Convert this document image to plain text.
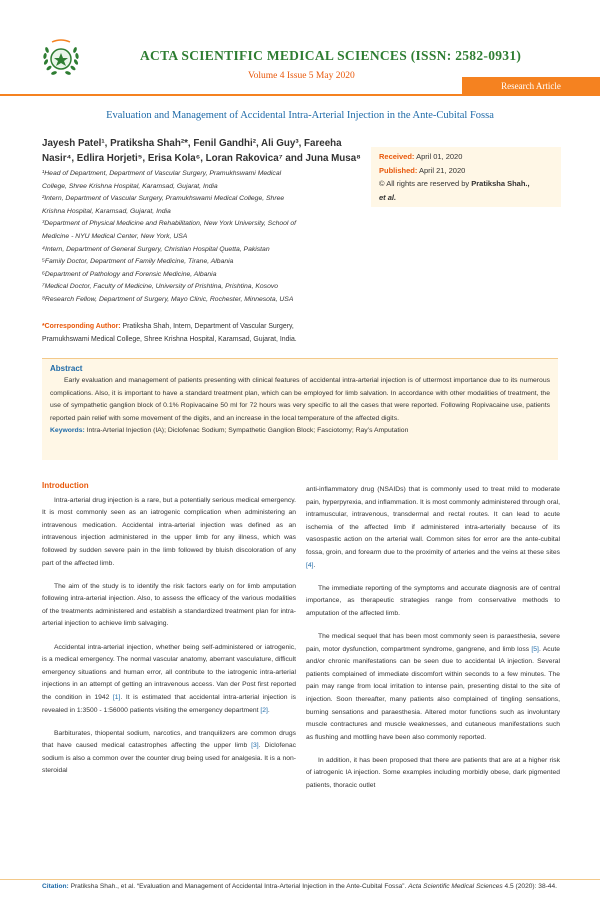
ACTA SCIENTIFIC MEDICAL SCIENCES (ISSN: 2582-0931)
Volume 4 Issue 5 May 2020
Research Article
Evaluation and Management of Accidental Intra-Arterial Injection in the Ante-Cubital Fossa
Jayesh Patel¹, Pratiksha Shah²*, Fenil Gandhi², Ali Guy³, Fareeha
Nasir⁴, Edlira Horjeti⁵, Erisa Kola⁶, Loran Rakovica⁷ and Juna Musa⁸

¹Head of Department, Department of Vascular Surgery, Pramukhswami Medical

College, Shree Krishna Hospital, Karamsad, Gujarat, India

²Intern, Department of Vascular Surgery, Pramukhswami Medical College, Shree

Krishna Hospital, Karamsad, Gujarat, India

³Department of Physical Medicine and Rehabilitation, New York University, School of

Medicine - NYU Medical Center, New York, USA

⁴Intern, Department of General Surgery, Christian Hospital Quetta, Pakistan

⁵Family Doctor, Department of Family Medicine, Tirane, Albania

⁶Department of Pathology and Forensic Medicine, Albania

⁷Medical Doctor, Faculty of Medicine, University of Prishtina, Prishtina, Kosovo

⁸Research Fellow, Department of Surgery, Mayo Clinic, Rochester, Minnesota, USA

*Corresponding Author: Pratiksha Shah, Intern, Department of Vascular Surgery,
Pramukhswami Medical College, Shree Krishna Hospital, Karamsad, Gujarat, India.
Received: April 01, 2020
Published: April 21, 2020
© All rights are reserved by Pratiksha Shah.,
et al.
Abstract
Early evaluation and management of patients presenting with clinical features of accidental intra-arterial injection is of uttermost importance due to its numerous complications. Also, it is important to have a standard treatment plan, which can be employed for limb salvation. In accordance with other modalities of treatment, the use of sympathetic ganglion block of 0.1% Ropivacaine 50 ml for 72 hours was very specific to all the cases that were reported. Following Ropivacaine use, patients reported pain relief with some movement of the digits, and an increase in the local temperature of the affected digits.
Keywords: Intra-Arterial Injection (IA); Diclofenac Sodium; Sympathetic Ganglion Block; Fasciotomy; Ray’s Amputation
Introduction

Intra-arterial drug injection is a rare, but a potentially serious medical emergency. It is most commonly seen as an iatrogenic complication when administering an intravenous medication. Accidental intra-arterial injection was defined as an intravenous injection administered in the upper limb for any illness, which was followed by sudden severe pain in the limb followed by bluish discoloration of any part of the affected limb.

The aim of the study is to identify the risk factors early on for limb amputation following intra-arterial injection. Also, to assess the efficacy of the various modalities of the treatments administered and establish a standardized treatment plan for intra-arterial injection to achieve limb salvaging.

Accidental intra-arterial injection, whether being self-administered or iatrogenic, is a medical emergency. The normal vascular anatomy, aberrant vasculature, difficult emergency situations and human error, all contribute to the iatrogenic intra-arterial injections in an attempt of getting an intravenous access. Van der Post first reported the condition in 1942 [1]. It is estimated that accidental intra-arterial injection is revealed in 1:3500 - 1:56000 patients visiting the emergency department [2].

Barbiturates, thiopental sodium, narcotics, and tranquilizers are common drugs that have caused medical catastrophes affecting the upper limb [3]. Diclofenac sodium is also a common over the counter drug being used for analgesia. It is a non-steroidal

anti-inflammatory drug (NSAIDs) that is commonly used to treat mild to moderate pain, hyperpyrexia, and inflammation. It is most commonly administered through oral, intramuscular, intravenous, transdermal and rectal routes. It can lead to acute ischemia of the affected limb if administered intra-arterially because of its vasospastic action on the arterial wall. Common sites for error are the ante-cubital fossa, groin, and forearm due to the proximity of arteries and the veins at these sites [4].

The immediate reporting of the symptoms and accurate diagnosis are of central importance, as therapeutic strategies range from conservative methods to amputation of the affected limb.

The medical sequel that has been most commonly seen is paraesthesia, severe pain, motor dysfunction, compartment syndrome, gangrene, and limb loss [5]. Acute and/or chronic manifestations can be seen due to accidental IA injection. Several patients complained of immediate discomfort within seconds to a few minutes. The pain may range from local irritation to intense pain, presenting distal to the site of injection. Soon thereafter, many patients also complained of tingling sensations, burning sensations and paraesthesia. Altered motor functions such as involuntary muscle contractures and muscle weaknesses, and cutaneous manifestations such as flushing and mottling have been also commonly reported.

In addition, it has been proposed that there are patients that are at a higher risk of iatrogenic IA injection. Some examples including morbidly obese, dark pigmented patients, thoracic outlet

Citation: Pratiksha Shah., et al. “Evaluation and Management of Accidental Intra-Arterial Injection in the Ante-Cubital Fossa”. Acta Scientific Medical Sciences 4.5 (2020): 38-44.
